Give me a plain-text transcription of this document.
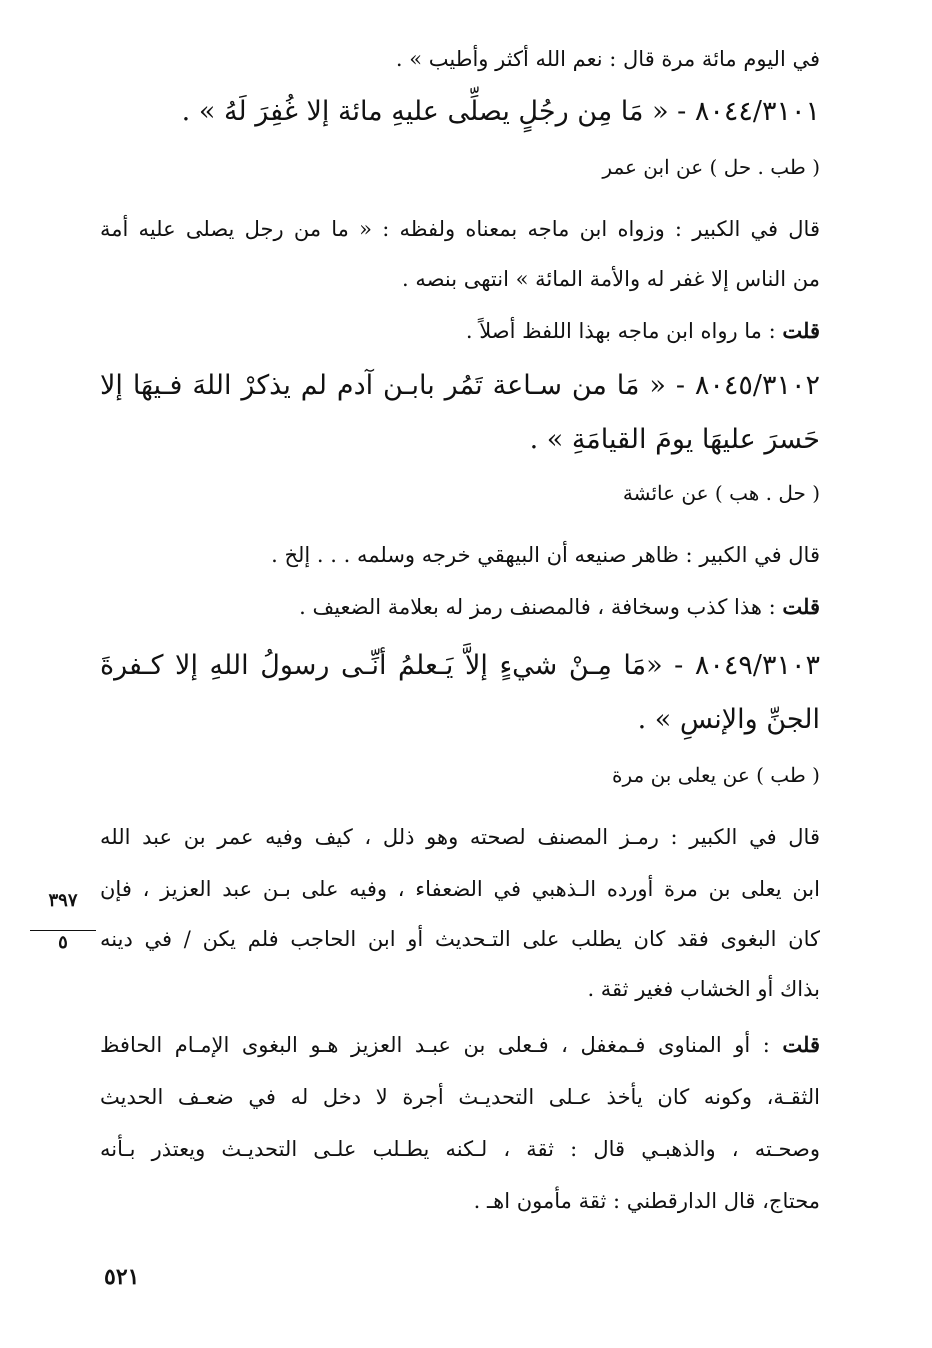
في اليوم مائة مرة قال : نعم الله أكثر وأطيب » .
٨٠٤٤/٣١٠١ - « مَا مِن رجُلٍ يصلِّى عليهِ مائة إلا غُفِرَ لَهُ » .
( طب . حل ) عن ابن عمر
قال في الكبير : وزواه ابن ماجه بمعناه ولفظه : « ما من رجل يصلى عليه أمة
من الناس إلا غفر له والأمة المائة » انتهى بنصه .
قلت : ما رواه ابن ماجه بهذا اللفظ أصلاً .
٨٠٤٥/٣١٠٢ - « مَا من سـاعة تَمُر بابـن آدم لم يذكرْ اللهَ فـيهَا إلا
حَسرَ عليهَا يومَ القيامَةِ » .
( حل . هب ) عن عائشة
قال في الكبير : ظاهر صنيعه أن البيهقي خرجه وسلمه . . . إلخ .
قلت : هذا كذب وسخافة ، فالمصنف رمز له بعلامة الضعيف .
٨٠٤٩/٣١٠٣ - «مَا مِـنْ شيءٍ إلاَّ يَـعلمُ أنِّـى رسولُ اللهِ إلا كـفرةَ
الجنِّ والإنسِ » .
( طب ) عن يعلى بن مرة
قال في الكبير : رمـز المصنف لصحته وهو ذلل ، كيف وفيه عمر بن عبد الله
ابن يعلى بن مرة أورده الـذهبي في الضعفاء ، وفيه على بـن عبد العزيز ، فإن
كان البغوى فقد كان يطلب على التـحديث أو ابن الحاجب فلم يكن / في دينه
بذاك أو الخشاب فغير ثقة .
قلت : أو المناوى فـمغفل ، فـعلى بن عبـد العزيز هـو البغوى الإمـام الحافظ
الثقـة، وكونه كان يأخذ عـلى التحديـث أجرة لا دخل له في ضعـف الحديث
وصحـته ، والذهبـي قال : ثقة ، لـكنه يطـلب علـى التحديـث ويعتذر بـأنه
محتاج، قال الدارقطني : ثقة مأمون اهـ .
٣٩٧
٥
٥٢١
